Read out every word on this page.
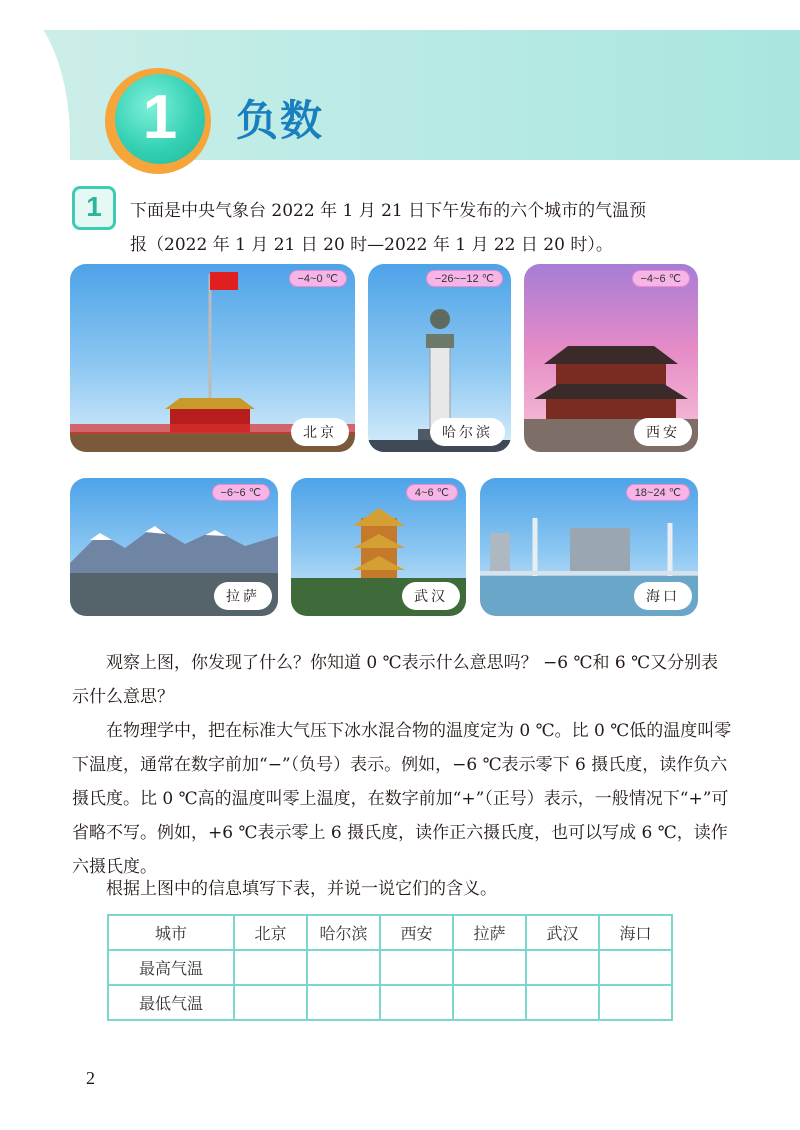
1	负数
1	下面是中央气象台 2022 年 1 月 21 日下午发布的六个城市的气温预
报（2022 年 1 月 21 日 20 时—2022 年 1 月 22 日 20 时）。
−4~0 ℃
北京
−26~−12 ℃
哈尔滨
−4~6 ℃
西安
−6~6 ℃
拉萨
4~6 ℃
武汉
18~24 ℃
海口
观察上图，你发现了什么？你知道 0 ℃表示什么意思吗？ −6 ℃和 6 ℃又分别表示什么意思？
在物理学中，把在标准大气压下冰水混合物的温度定为 0 ℃。比 0 ℃低的温度叫零下温度，通常在数字前加“−”（负号）表示。例如，−6 ℃表示零下 6 摄氏度，读作负六摄氏度。比 0 ℃高的温度叫零上温度，在数字前加“+”（正号）表示，一般情况下“+”可省略不写。例如，+6 ℃表示零上 6 摄氏度，读作正六摄氏度，也可以写成 6 ℃，读作六摄氏度。
根据上图中的信息填写下表，并说一说它们的含义。
城市	北京	哈尔滨	西安	拉萨	武汉	海口
最高气温						
最低气温						
2
